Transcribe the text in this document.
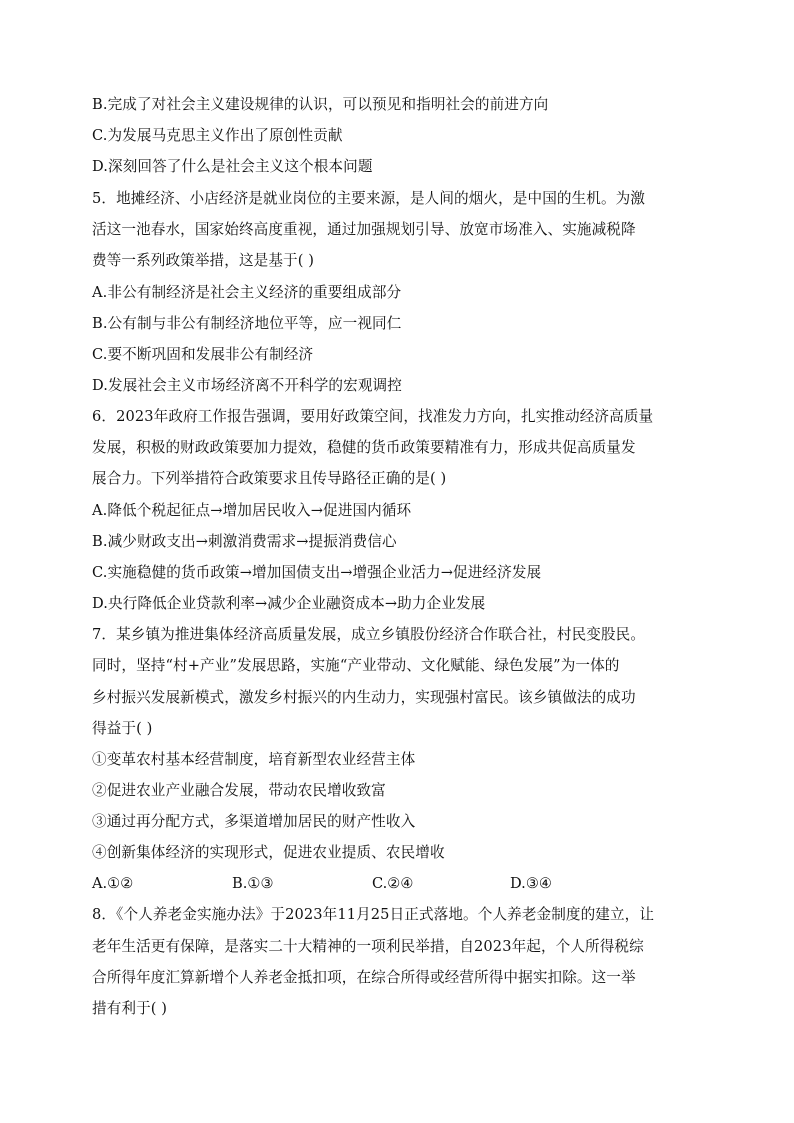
B.完成了对社会主义建设规律的认识，可以预见和指明社会的前进方向
C.为发展马克思主义作出了原创性贡献
D.深刻回答了什么是社会主义这个根本问题
5．地摊经济、小店经济是就业岗位的主要来源，是人间的烟火，是中国的生机。为激
活这一池春水，国家始终高度重视，通过加强规划引导、放宽市场准入、实施减税降
费等一系列政策举措，这是基于( )
A.非公有制经济是社会主义经济的重要组成部分
B.公有制与非公有制经济地位平等，应一视同仁
C.要不断巩固和发展非公有制经济
D.发展社会主义市场经济离不开科学的宏观调控
6．2023年政府工作报告强调，要用好政策空间，找准发力方向，扎实推动经济高质量
发展，积极的财政政策要加力提效，稳健的货币政策要精准有力，形成共促高质量发
展合力。下列举措符合政策要求且传导路径正确的是( )
A.降低个税起征点→增加居民收入→促进国内循环
B.减少财政支出→刺激消费需求→提振消费信心
C.实施稳健的货币政策→增加国债支出→增强企业活力→促进经济发展
D.央行降低企业贷款利率→减少企业融资成本→助力企业发展
7．某乡镇为推进集体经济高质量发展，成立乡镇股份经济合作联合社，村民变股民。
同时，坚持“村+产业”发展思路，实施“产业带动、文化赋能、绿色发展”为一体的
乡村振兴发展新模式，激发乡村振兴的内生动力，实现强村富民。该乡镇做法的成功
得益于( )
①变革农村基本经营制度，培育新型农业经营主体
②促进农业产业融合发展，带动农民增收致富
③通过再分配方式，多渠道增加居民的财产性收入
④创新集体经济的实现形式，促进农业提质、农民增收
A.①②	B.①③	C.②④	D.③④
8．《个人养老金实施办法》于2023年11月25日正式落地。个人养老金制度的建立，让
老年生活更有保障，是落实二十大精神的一项利民举措，自2023年起，个人所得税综
合所得年度汇算新增个人养老金抵扣项，在综合所得或经营所得中据实扣除。这一举
措有利于( )
